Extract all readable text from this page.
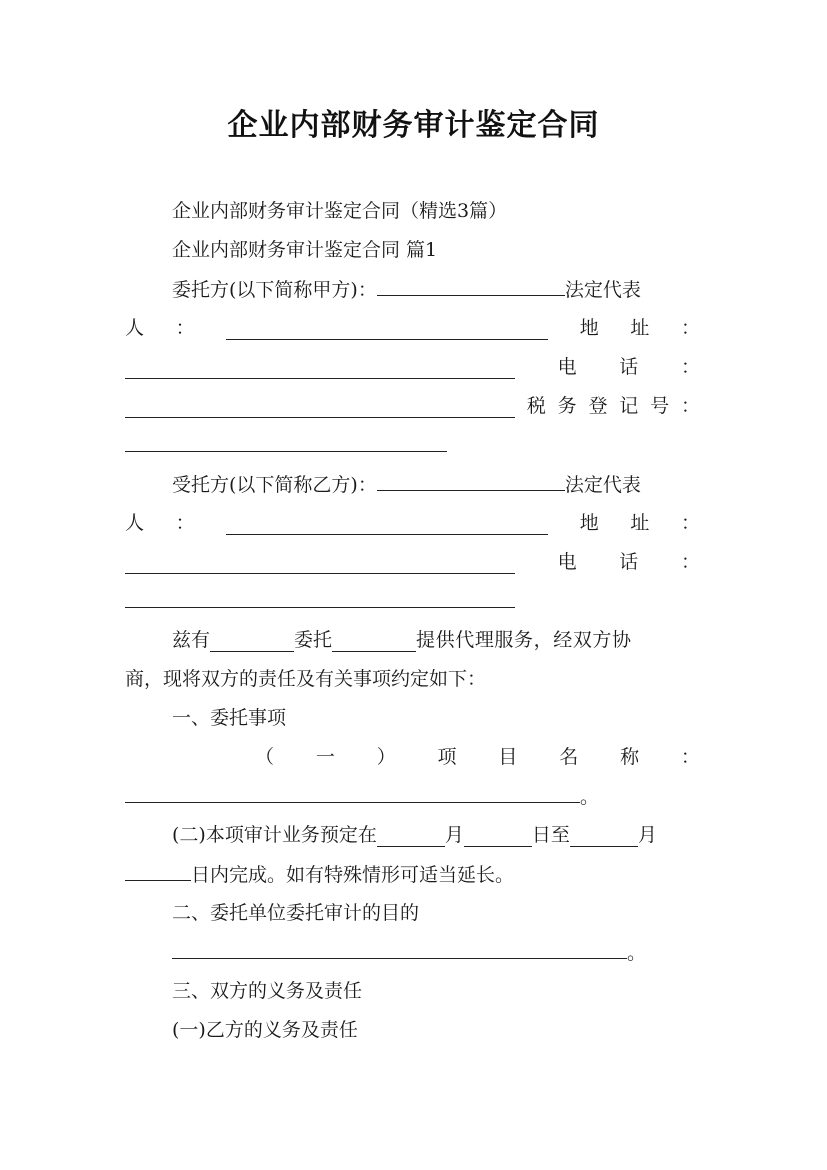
企业内部财务审计鉴定合同
企业内部财务审计鉴定合同（精选3篇）
企业内部财务审计鉴定合同 篇1
委托方(以下简称甲方)：	法定代表
人 ：	地 址 ：
电 话 ：
税 务 登 记 号 ：
受托方(以下简称乙方)：	法定代表
人 ：	地 址 ：
电 话 ：
兹有	委托	提供代理服务，经双方协
商，现将双方的责任及有关事项约定如下：
一、委托事项
（ 一 ） 项 目 名 称 ：
。
(二)本项审计业务预定在	月	日至	月
日内完成。如有特殊情形可适当延长。
二、委托单位委托审计的目的
。
三、双方的义务及责任
(一)乙方的义务及责任
